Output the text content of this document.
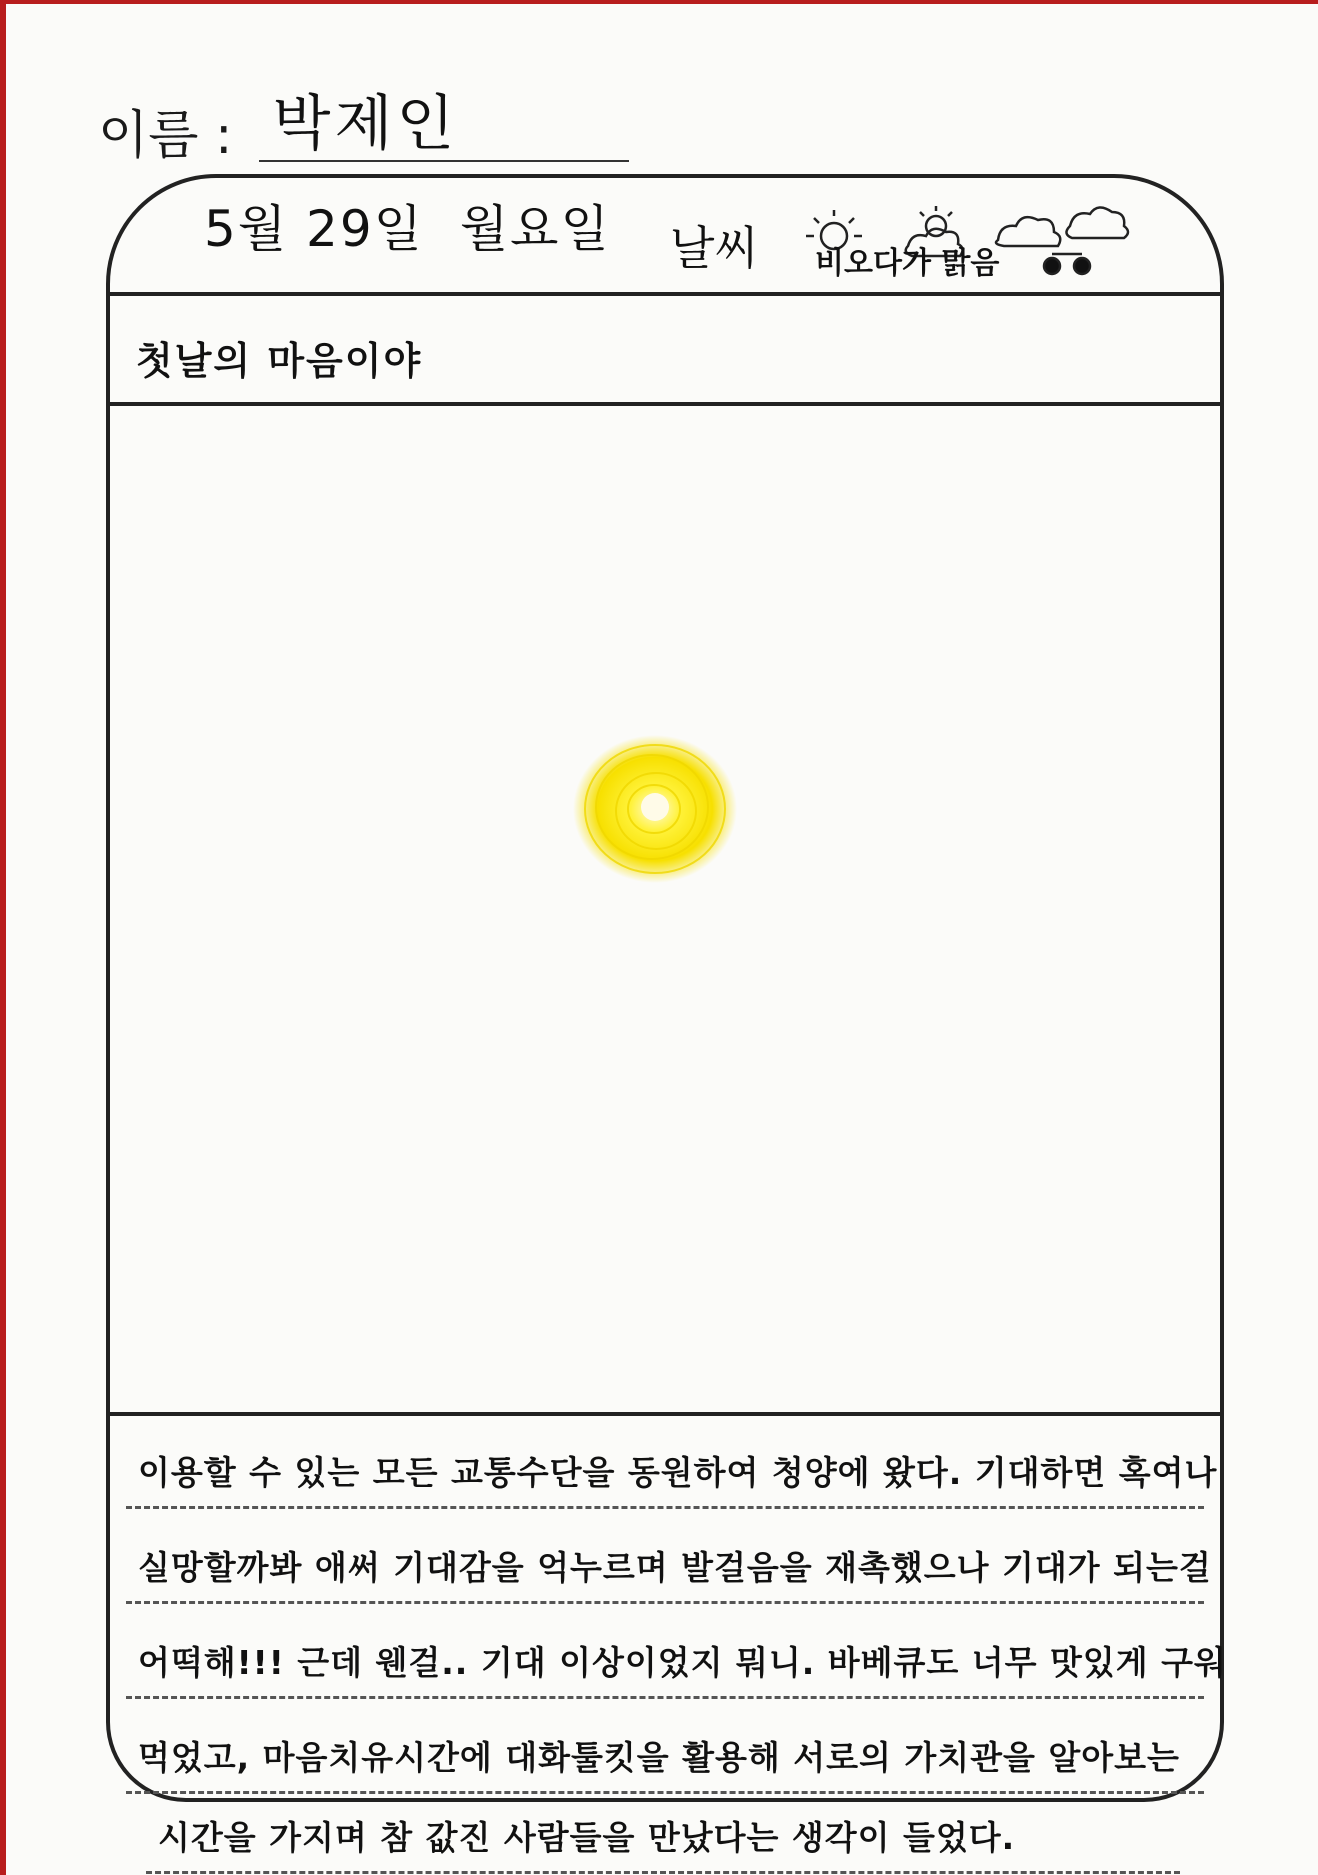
이름 : 박제인
5월 29일 월요일	날씨 비오다가 맑음
첫날의 마음이야
이용할 수 있는 모든 교통수단을 동원하여 청양에 왔다. 기대하면 혹여나
실망할까봐 애써 기대감을 억누르며 발걸음을 재촉했으나 기대가 되는걸
어떡해!!! 근데 웬걸.. 기대 이상이었지 뭐니. 바베큐도 너무 맛있게 구워
먹었고, 마음치유시간에 대화툴킷을 활용해 서로의 가치관을 알아보는
시간을 가지며 참 값진 사람들을 만났다는 생각이 들었다.
